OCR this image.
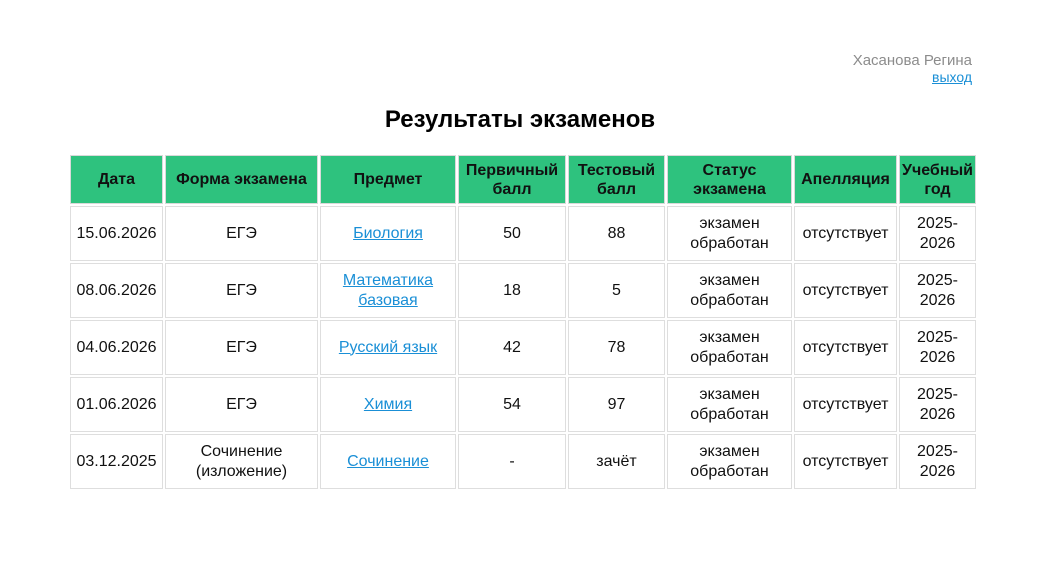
Хасанова Регина
выход
Результаты экзаменов
Дата	Форма экзамена	Предмет	Первичный балл	Тестовый балл	Статус экзамена	Апелляция	Учебный год
15.06.2026	ЕГЭ	Биология	50	88	экзамен обработан	отсутствует	2025-2026
08.06.2026	ЕГЭ	Математика базовая	18	5	экзамен обработан	отсутствует	2025-2026
04.06.2026	ЕГЭ	Русский язык	42	78	экзамен обработан	отсутствует	2025-2026
01.06.2026	ЕГЭ	Химия	54	97	экзамен обработан	отсутствует	2025-2026
03.12.2025	Сочинение (изложение)	Сочинение	-	зачёт	экзамен обработан	отсутствует	2025-2026
